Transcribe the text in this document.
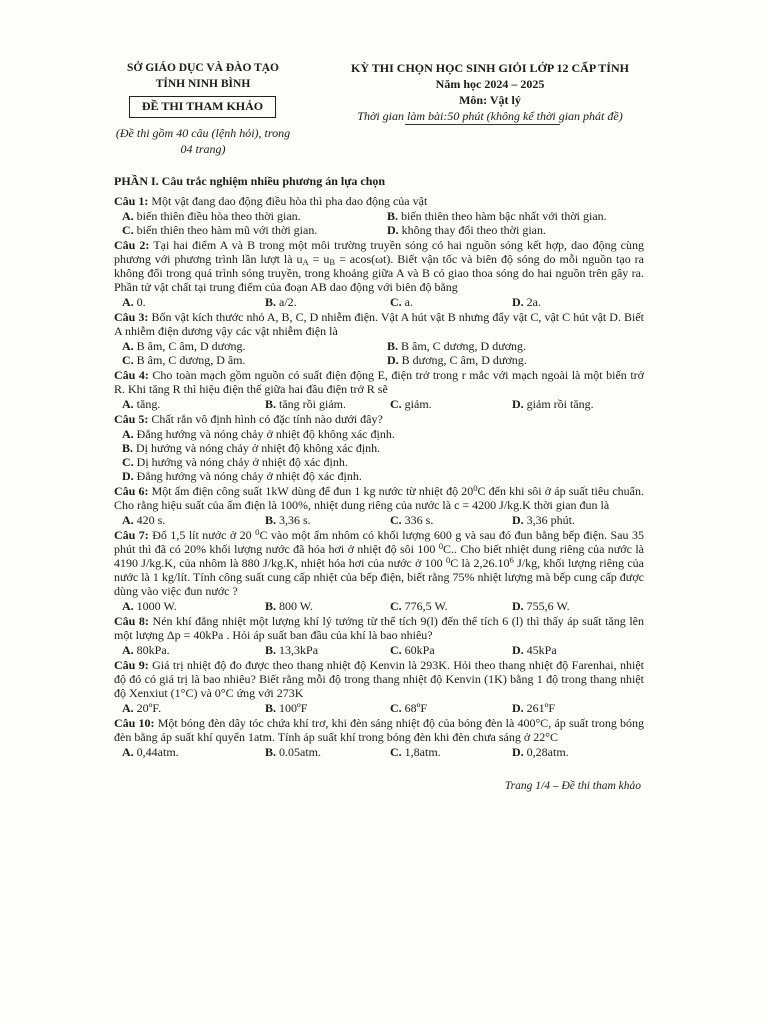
SỞ GIÁO DỤC VÀ ĐÀO TẠO
TỈNH NINH BÌNH
ĐỀ THI THAM KHẢO
(Đề thi gồm 40 câu (lệnh hỏi), trong
04 trang)
KỲ THI CHỌN HỌC SINH GIỎI LỚP 12 CẤP TỈNH
Năm học 2024 – 2025
Môn: Vật lý
Thời gian làm bài:50 phút (không kể thời gian phát đề)
PHẦN I. Câu trắc nghiệm nhiều phương án lựa chọn

Câu 1: Một vật đang dao động điều hòa thì pha dao động của vật

A. biến thiên điều hòa theo thời gian.	B. biến thiên theo hàm bậc nhất với thời gian.
C. biến thiên theo hàm mũ với thời gian.	D. không thay đổi theo thời gian.

Câu 2: Tại hai điểm A và B trong một môi trường truyền sóng có hai nguồn sóng kết hợp, dao động cùng phương với phương trình lần lượt là $u_A = u_B = acos(\omega t)$. Biết vận tốc và biên độ sóng do mỗi nguồn tạo ra không đổi trong quá trình sóng truyền, trong khoảng giữa A và B có giao thoa sóng do hai nguồn trên gây ra. Phần tử vật chất tại trung điểm của đoạn AB dao động với biên độ bằng

A. 0.	B. a/2.	C. a.	D. 2a.

Câu 3: Bốn vật kích thước nhỏ A, B, C, D nhiễm điện. Vật A hút vật B nhưng đẩy vật C, vật C hút vật D. Biết A nhiễm điện dương vậy các vật nhiễm điện là

A. B âm, C âm, D dương.	B. B âm, C dương, D dương.
C. B âm, C dương, D âm.	D. B dương, C âm, D dương.

Câu 4: Cho toàn mạch gồm nguồn có suất điện động E, điện trở trong r mắc với mạch ngoài là một biến trở R. Khi tăng R thì hiệu điện thế giữa hai đầu điện trở R sẽ

A. tăng.	B. tăng rồi giảm.	C. giảm.	D. giảm rồi tăng.

Câu 5: Chất rắn vô định hình có đặc tính nào dưới đây?

A. Đẳng hướng và nóng chảy ở nhiệt độ không xác định.
B. Dị hướng và nóng chảy ở nhiệt độ không xác định.
C. Dị hướng và nóng chảy ở nhiệt độ xác định.
D. Đẳng hướng và nóng chảy ở nhiệt độ xác định.

Câu 6: Một ấm điện công suất 1kW dùng để đun 1 kg nước từ nhiệt độ $20^0C$ đến khi sôi ở áp suất tiêu chuẩn. Cho rằng hiệu suất của ấm điện là 100%, nhiệt dung riêng của nước là c = 4200 J/kg.K thời gian đun là

A. 420 s.	B. 3,36 s.	C. 336 s.	D. 3,36 phút.

Câu 7: Đổ 1,5 lít nước ở 20 $^0$C vào một ấm nhôm có khối lượng 600 g và sau đó đun bằng bếp điện. Sau 35 phút thì đã có 20% khối lượng nước đã hóa hơi ở nhiệt độ sôi 100 $^0$C.. Cho biết nhiệt dung riêng của nước là 4190 J/kg.K, của nhôm là 880 J/kg.K, nhiệt hóa hơi của nước ở 100 $^0$C là 2,26.10$^6$ J/kg, khối lượng riêng của nước là 1 kg/lít. Tính công suất cung cấp nhiệt của bếp điện, biết rằng 75% nhiệt lượng mà bếp cung cấp được dùng vào việc đun nước ?

A. 1000 W.	B. 800 W.	C. 776,5 W.	D. 755,6 W.

Câu 8: Nén khí đẳng nhiệt một lượng khí lý tưởng từ thể tích 9(l) đến thể tích 6 (l) thì thấy áp suất tăng lên một lượng Δp = 40kPa . Hỏi áp suất ban đầu của khí là bao nhiêu?

A. 80kPa.	B. 13,3kPa	C. 60kPa	D. 45kPa

Câu 9: Giá trị nhiệt độ đo được theo thang nhiệt độ Kenvin là 293K. Hỏi theo thang nhiệt độ Farenhai, nhiệt độ đó có giá trị là bao nhiêu? Biết rằng mỗi độ trong thang nhiệt độ Kenvin (1K) bằng 1 độ trong thang nhiệt độ Xenxiut (1°C) và 0°C ứng với 273K

A. 20ºF.	B. 100ºF	C. 68ºF	D. 261ºF

Câu 10: Một bóng đèn dây tóc chứa khí trơ, khi đèn sáng nhiệt độ của bóng đèn là 400°C, áp suất trong bóng đèn bằng áp suất khí quyển 1atm. Tính áp suất khí trong bóng đèn khi đèn chưa sáng ở 22°C

A. 0,44atm.	B. 0.05atm.	C. 1,8atm.	D. 0,28atm.
Trang 1/4 – Đề thi tham khảo
